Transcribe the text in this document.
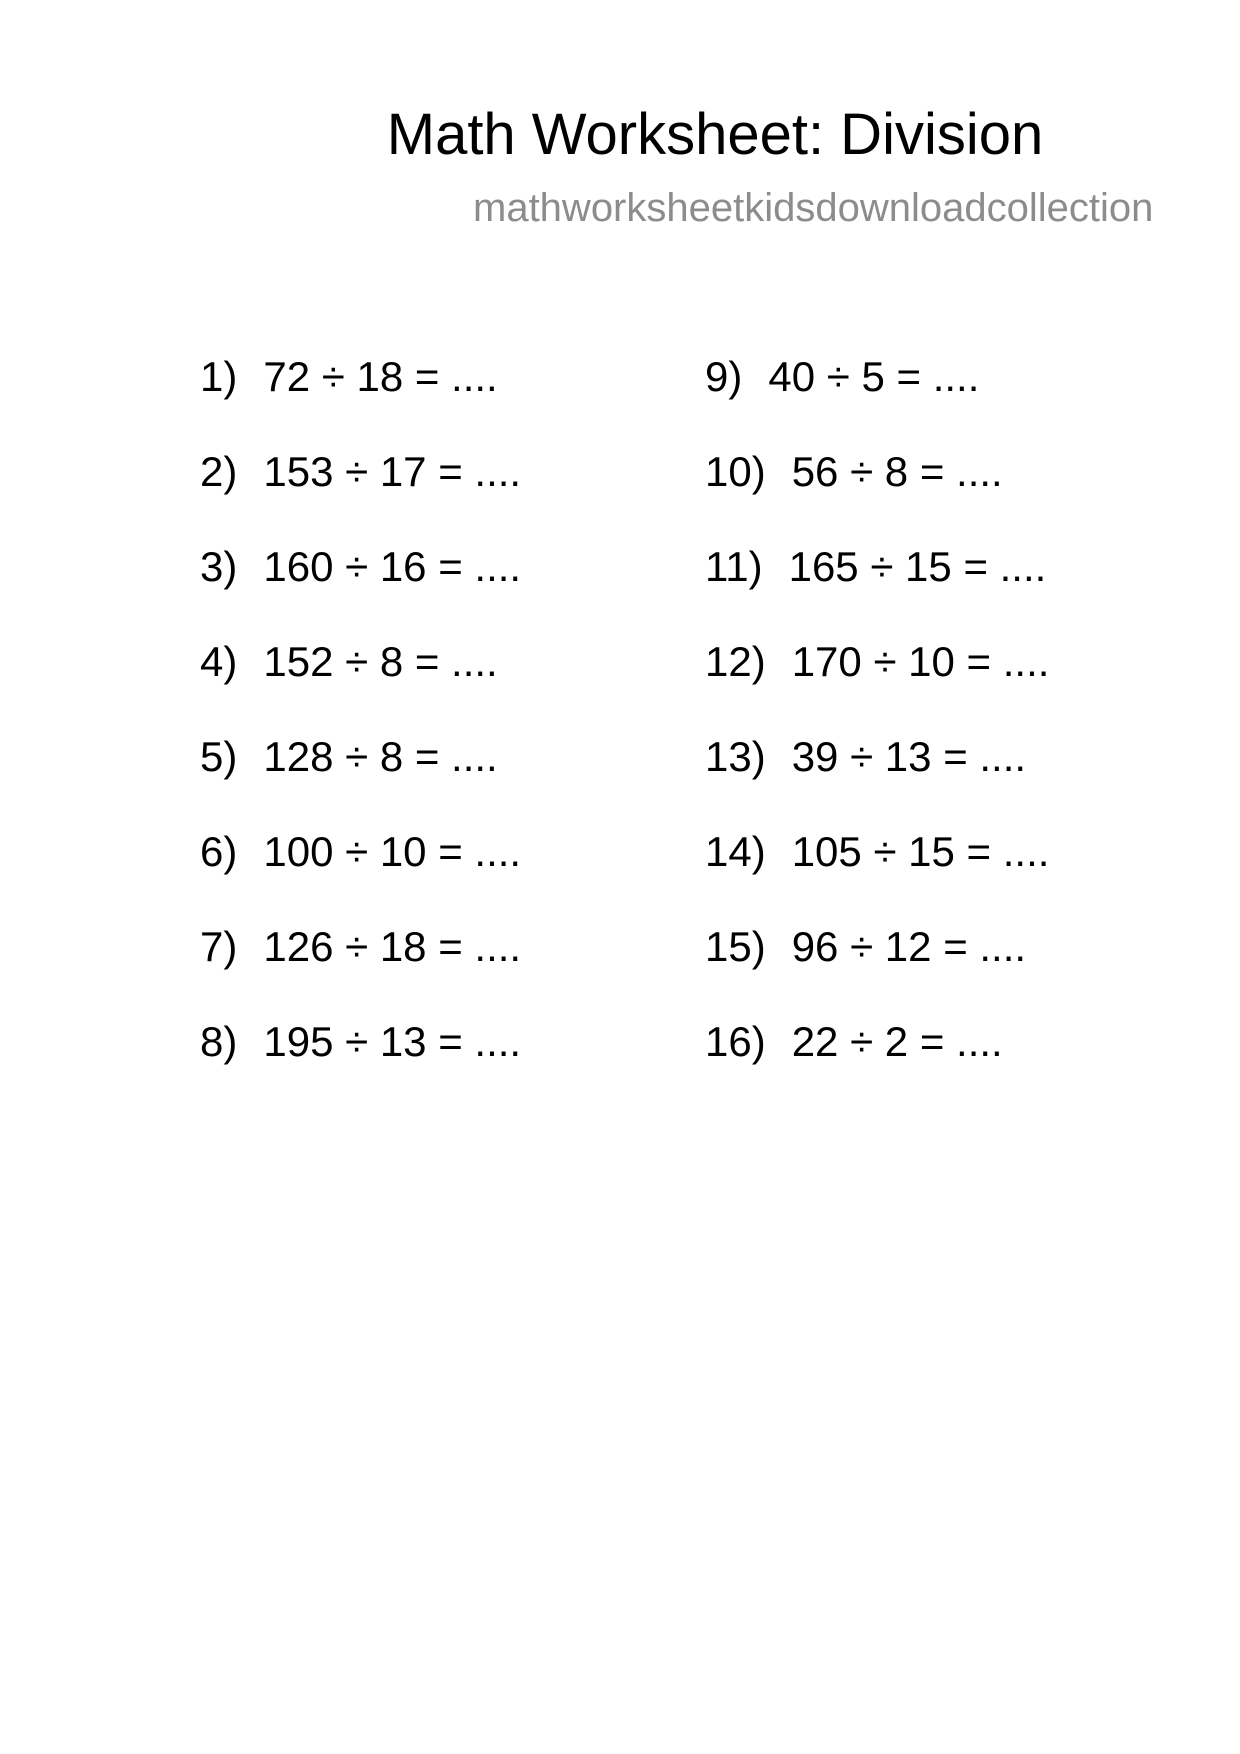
Math Worksheet: Division
mathworksheetkidsdownloadcollection
1) 72 ÷ 18 = ....
2) 153 ÷ 17 = ....
3) 160 ÷ 16 = ....
4) 152 ÷ 8 = ....
5) 128 ÷ 8 = ....
6) 100 ÷ 10 = ....
7) 126 ÷ 18 = ....
8) 195 ÷ 13 = ....
9) 40 ÷ 5 = ....
10) 56 ÷ 8 = ....
11) 165 ÷ 15 = ....
12) 170 ÷ 10 = ....
13) 39 ÷ 13 = ....
14) 105 ÷ 15 = ....
15) 96 ÷ 12 = ....
16) 22 ÷ 2 = ....
